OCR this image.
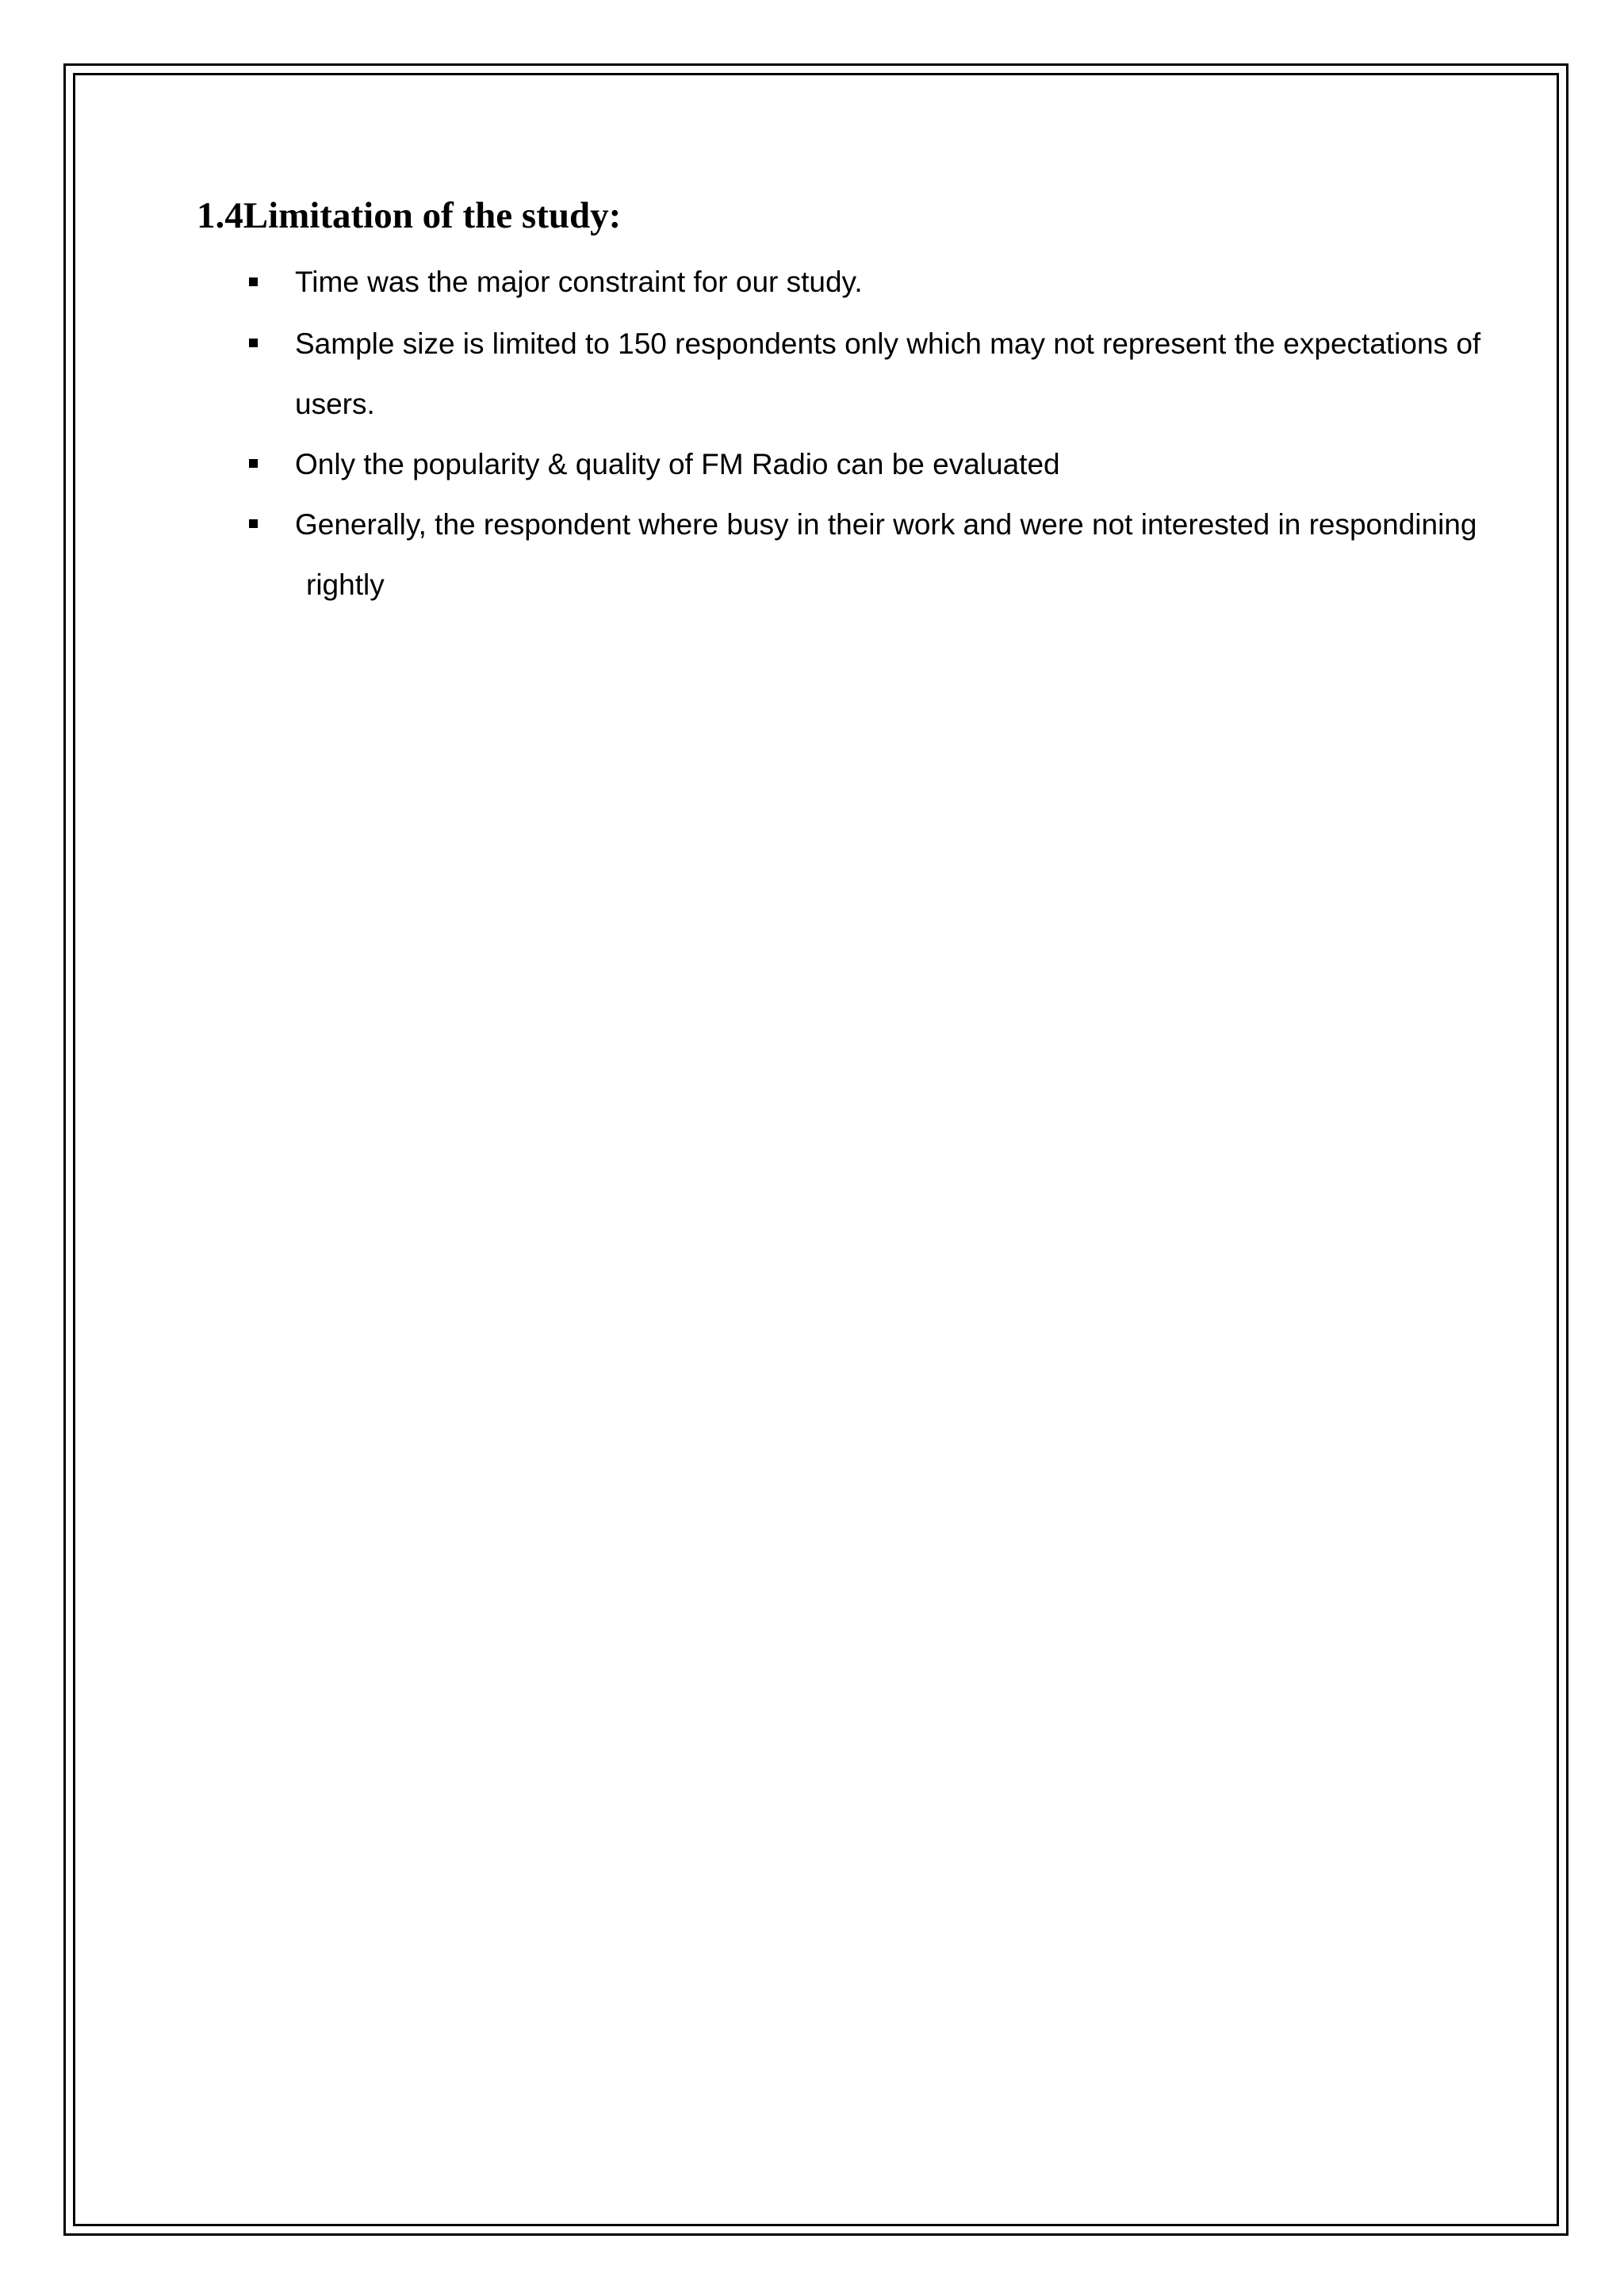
1.4Limitation of the study:
Time was the major constraint for our study.
Sample size is limited to 150 respondents only which may not represent the expectations of
users.
Only the popularity & quality of FM Radio can be evaluated
Generally, the respondent where busy in their work and were not interested in respondining
rightly
